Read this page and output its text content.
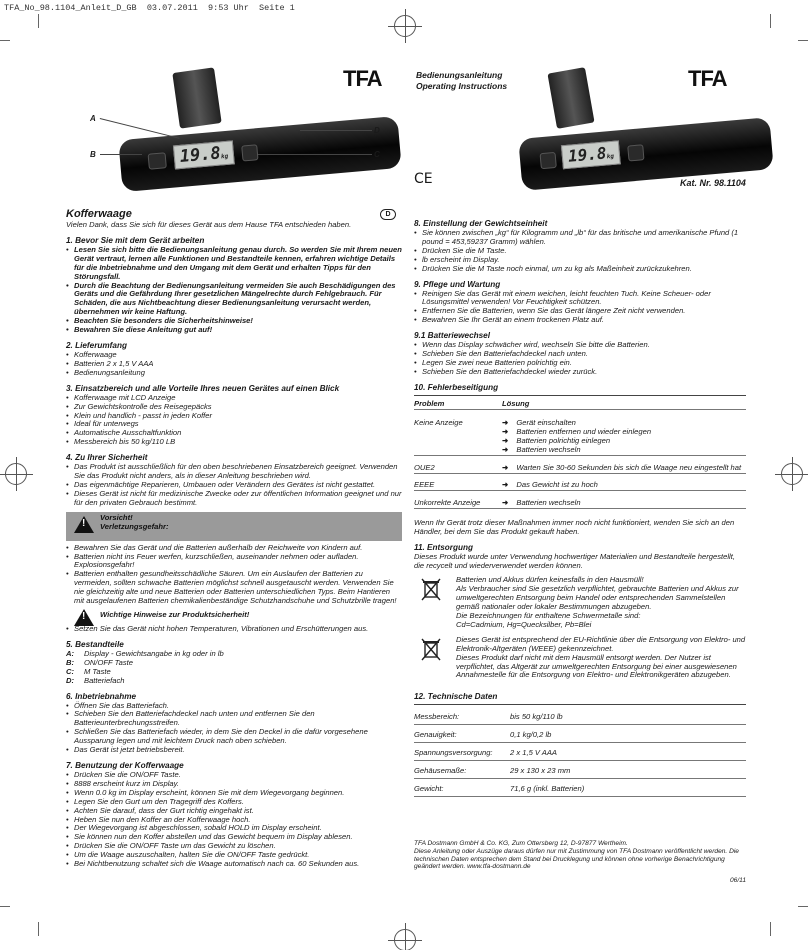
TFA_No_98.1104_Anleit_D_GB  03.07.2011  9:53 Uhr  Seite 1
19.8kg
TFA
A
B
D
C

Bedienungsanleitung

Operating Instructions

19.8kg
TFA
CE	Kat. Nr. 98.1104
Kofferwaage	D

Vielen Dank, dass Sie sich für dieses Gerät aus dem Hause TFA entschieden haben.

1. Bevor Sie mit dem Gerät arbeiten

• Lesen Sie sich bitte die Bedienungsanleitung genau durch. So werden Sie mit Ihrem neuen Gerät vertraut, lernen alle Funktionen und Bestandteile kennen, erfahren wichtige Details für die Inbetriebnahme und den Umgang mit dem Gerät und erhalten Tipps für den Störungsfall.

• Durch die Beachtung der Bedienungsanleitung vermeiden Sie auch Beschädigungen des Geräts und die Gefährdung Ihrer gesetzlichen Mängelrechte durch Fehlgebrauch. Für Schäden, die aus Nichtbeachtung dieser Bedienungsanleitung verursacht werden, übernehmen wir keine Haftung.

• Beachten Sie besonders die Sicherheitshinweise!

• Bewahren Sie diese Anleitung gut auf!

2. Lieferumfang

• Kofferwaage

• Batterien 2 x 1,5 V AAA

• Bedienungsanleitung

3. Einsatzbereich und alle Vorteile Ihres neuen Gerätes auf einen Blick

• Kofferwaage mit LCD Anzeige

• Zur Gewichtskontrolle des Reisegepäcks

• Klein und handlich - passt in jeden Koffer

• Ideal für unterwegs

• Automatische Ausschaltfunktion

• Messbereich bis 50 kg/110 LB

4. Zu Ihrer Sicherheit

• Das Produkt ist ausschließlich für den oben beschriebenen Einsatzbereich geeignet. Verwenden Sie das Produkt nicht anders, als in dieser Anleitung beschrieben wird.

• Das eigenmächtige Reparieren, Umbauen oder Verändern des Gerätes ist nicht gestattet.

• Dieses Gerät ist nicht für medizinische Zwecke oder zur öffentlichen Information geeignet und nur für den privaten Gebrauch bestimmt.

!

Vorsicht!

Verletzungsgefahr:

• Bewahren Sie das Gerät und die Batterien außerhalb der Reichweite von Kindern auf.

• Batterien nicht ins Feuer werfen, kurzschließen, auseinander nehmen oder aufladen. Explosionsgefahr!

• Batterien enthalten gesundheitsschädliche Säuren. Um ein Auslaufen der Batterien zu vermeiden, sollten schwache Batterien möglichst schnell ausgetauscht werden. Verwenden Sie nie gleichzeitig alte und neue Batterien oder Batterien unterschiedlichen Typs. Beim Hantieren mit ausgelaufenen Batterien chemikalienbeständige Schutzhandschuhe und Schutzbrille tragen!

! Wichtige Hinweise zur Produktsicherheit!

• Setzen Sie das Gerät nicht hohen Temperaturen, Vibrationen und Erschütterungen aus.

5. Bestandteile

A: Display - Gewichtsangabe in kg oder in lb

B: ON/OFF Taste

C: M Taste

D: Batteriefach

6. Inbetriebnahme

• Öffnen Sie das Batteriefach.

• Schieben Sie den Batteriefachdeckel nach unten und entfernen Sie den Batterieunterbrechungsstreifen.

• Schließen Sie das Batteriefach wieder, in dem Sie den Deckel in die dafür vorgesehene Aussparung legen und mit leichtem Druck nach oben schieben.

• Das Gerät ist jetzt betriebsbereit.

7. Benutzung der Kofferwaage

• Drücken Sie die ON/OFF Taste.

• 8888 erscheint kurz im Display.

• Wenn 0.0 kg im Display erscheint, können Sie mit dem Wiegevorgang beginnen.

• Legen Sie den Gurt um den Tragegriff des Koffers.

• Achten Sie darauf, dass der Gurt richtig eingehakt ist.

• Heben Sie nun den Koffer an der Kofferwaage hoch.

• Der Wiegevorgang ist abgeschlossen, sobald HOLD im Display erscheint.

• Sie können nun den Koffer abstellen und das Gewicht bequem im Display ablesen.

• Drücken Sie die ON/OFF Taste um das Gewicht zu löschen.

• Um die Waage auszuschalten, halten Sie die ON/OFF Taste gedrückt.

• Bei Nichtbenutzung schaltet sich die Waage automatisch nach ca. 60 Sekunden aus.

8. Einstellung der Gewichtseinheit

• Sie können zwischen „kg“ für Kilogramm und „lb“ für das britische und amerikanische Pfund (1 pound = 453,59237 Gramm) wählen.

• Drücken Sie die M Taste.

• lb erscheint im Display.

• Drücken Sie die M Taste noch einmal, um zu kg als Maßeinheit zurückzukehren.

9. Pflege und Wartung

• Reinigen Sie das Gerät mit einem weichen, leicht feuchten Tuch. Keine Scheuer- oder Lösungsmittel verwenden! Vor Feuchtigkeit schützen.

• Entfernen Sie die Batterien, wenn Sie das Gerät längere Zeit nicht verwenden.

• Bewahren Sie Ihr Gerät an einem trockenen Platz auf.

9.1 Batteriewechsel

• Wenn das Display schwächer wird, wechseln Sie bitte die Batterien.

• Schieben Sie den Batteriefachdeckel nach unten.

• Legen Sie zwei neue Batterien polrichtig ein.

• Schieben Sie den Batteriefachdeckel wieder zurück.

10. Fehlerbeseitigung
Problem	Lösung

Keine Anzeige	➜ Gerät einschalten

➜ Batterien entfernen und wieder einlegen

➜ Batterien polrichtig einlegen

➜ Batterien wechseln

OUE2	➜ Warten Sie 30-60 Sekunden bis sich die Waage neu eingestellt hat

EEEE	➜ Das Gewicht ist zu hoch

Unkorrekte Anzeige	➜ Batterien wechseln

Wenn Ihr Gerät trotz dieser Maßnahmen immer noch nicht funktioniert, wenden Sie sich an den Händler, bei dem Sie das Produkt gekauft haben.

11. Entsorgung

Dieses Produkt wurde unter Verwendung hochwertiger Materialien und Bestandteile hergestellt, die recycelt und wiederverwendet werden können.

Batterien und Akkus dürfen keinesfalls in den Hausmüll!

Als Verbraucher sind Sie gesetzlich verpflichtet, gebrauchte Batterien und Akkus zur umweltgerechten Entsorgung beim Handel oder entsprechenden Sammelstellen gemäß nationaler oder lokaler Bestimmungen abzugeben.

Die Bezeichnungen für enthaltene Schwermetalle sind:

Cd=Cadmium, Hg=Quecksilber, Pb=Blei

Dieses Gerät ist entsprechend der EU-Richtlinie über die Entsorgung von Elektro- und Elektronik-Altgeräten (WEEE) gekennzeichnet.

Dieses Produkt darf nicht mit dem Hausmüll entsorgt werden. Der Nutzer ist verpflichtet, das Altgerät zur umweltgerechten Entsorgung bei einer ausgewiesenen Annahmestelle für die Entsorgung von Elektro- und Elektronikgeräten abzugeben.

12. Technische Daten
Messbereich:	bis 50 kg/110 lb
Genauigkeit:	0,1 kg/0,2 lb
Spannungsversorgung:	2 x 1,5 V AAA
Gehäusemaße:	29 x 130 x 23 mm
Gewicht:	71,6 g (inkl. Batterien)

TFA Dostmann GmbH & Co. KG, Zum Ottersberg 12, D-97877 Wertheim.

Diese Anleitung oder Auszüge daraus dürfen nur mit Zustimmung von TFA Dostmann veröffentlicht werden. Die technischen Daten entsprechen dem Stand bei Drucklegung und können ohne vorherige Benachrichtigung geändert werden. www.tfa-dostmann.de

06/11
